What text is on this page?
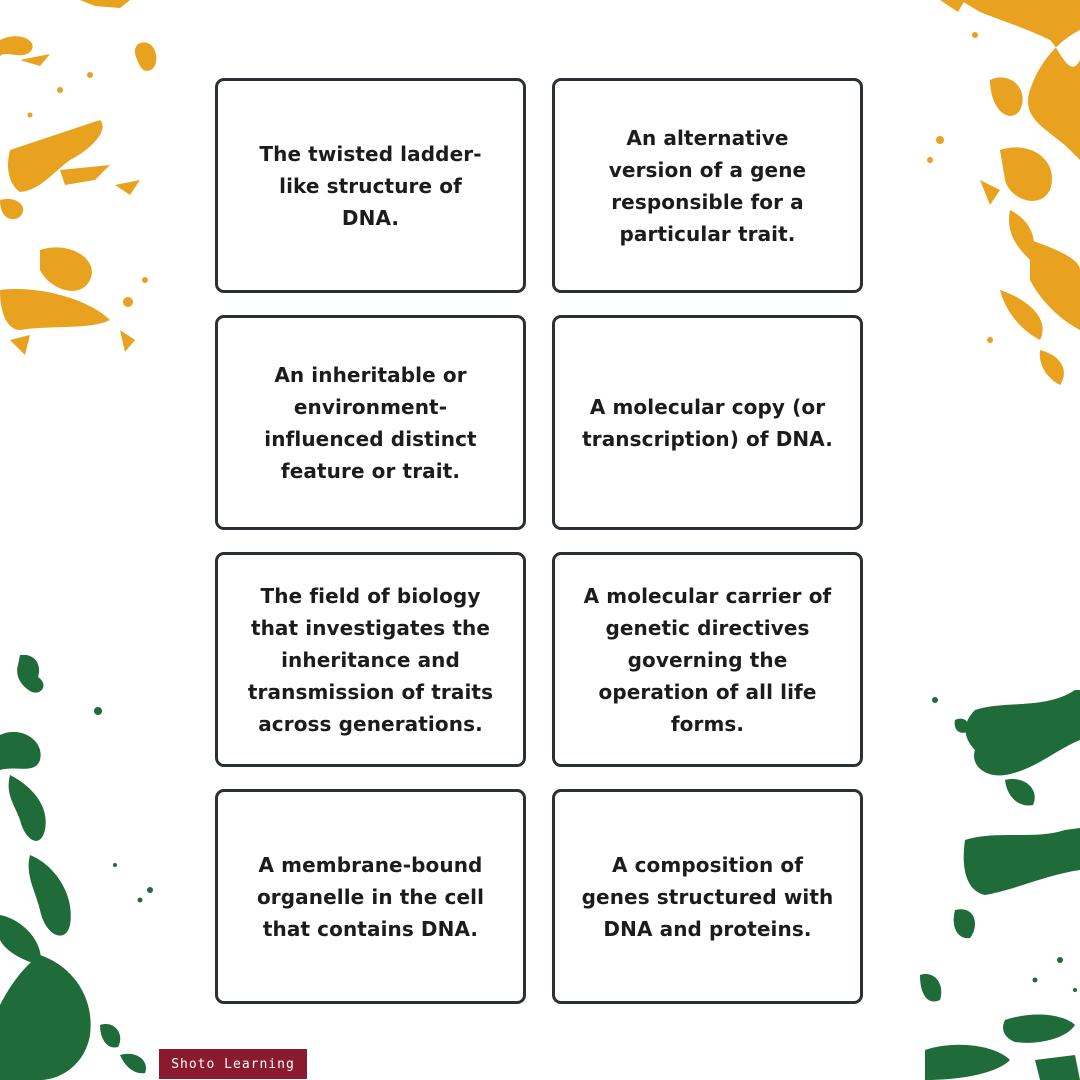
The twisted ladder-like structure of DNA.
An alternative version of a gene responsible for a particular trait.
An inheritable or environment-influenced distinct feature or trait.
A molecular copy (or transcription) of DNA.
The field of biology that investigates the inheritance and transmission of traits across generations.
A molecular carrier of genetic directives governing the operation of all life forms.
A membrane-bound organelle in the cell that contains DNA.
A composition of genes structured with DNA and proteins.
Shoto Learning
